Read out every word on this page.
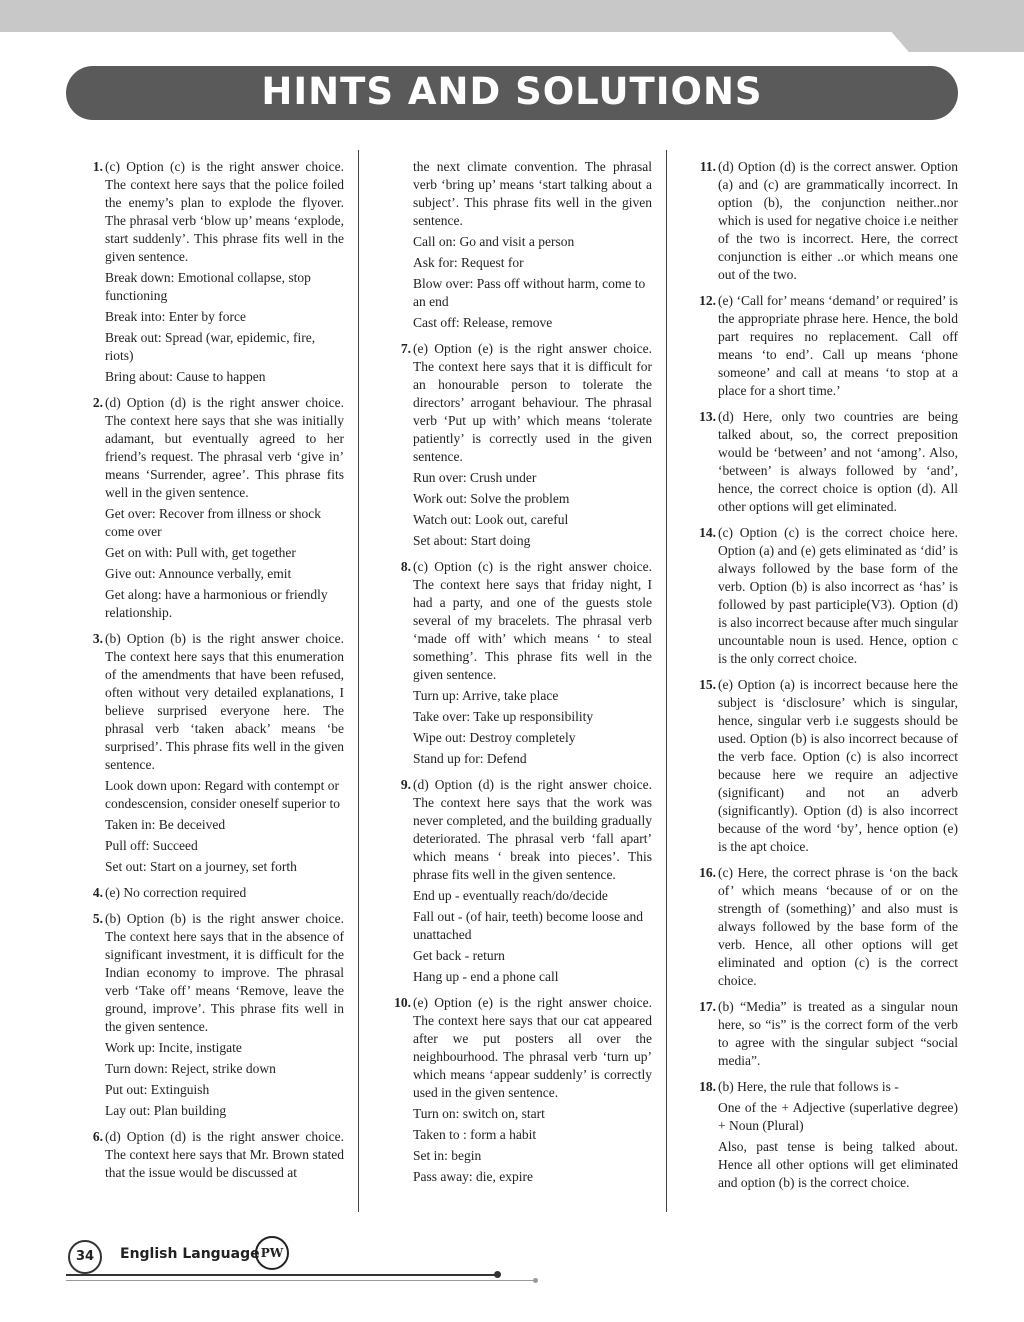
HINTS AND SOLUTIONS
1. (c) Option (c) is the right answer choice. The context here says that the police foiled the enemy’s plan to explode the flyover. The phrasal verb ‘blow up’ means ‘explode, start suddenly’. This phrase fits well in the given sentence.

Break down: Emotional collapse, stop functioning

Break into: Enter by force

Break out: Spread (war, epidemic, fire, riots)

Bring about: Cause to happen

2. (d) Option (d) is the right answer choice. The context here says that she was initially adamant, but eventually agreed to her friend’s request. The phrasal verb ‘give in’ means ‘Surrender, agree’. This phrase fits well in the given sentence.

Get over: Recover from illness or shock come over

Get on with: Pull with, get together

Give out: Announce verbally, emit

Get along: have a harmonious or friendly relationship.

3. (b) Option (b) is the right answer choice. The context here says that this enumeration of the amendments that have been refused, often without very detailed explanations, I believe surprised everyone here. The phrasal verb ‘taken aback’ means ‘be surprised’. This phrase fits well in the given sentence.

Look down upon: Regard with contempt or condescension, consider oneself superior to

Taken in: Be deceived

Pull off: Succeed

Set out: Start on a journey, set forth

4. (e) No correction required

5. (b) Option (b) is the right answer choice. The context here says that in the absence of significant investment, it is difficult for the Indian economy to improve. The phrasal verb ‘Take off’ means ‘Remove, leave the ground, improve’. This phrase fits well in the given sentence.

Work up: Incite, instigate

Turn down: Reject, strike down

Put out: Extinguish

Lay out: Plan building

6. (d) Option (d) is the right answer choice. The context here says that Mr. Brown stated that the issue would be discussed at

the next climate convention. The phrasal verb ‘bring up’ means ‘start talking about a subject’. This phrase fits well in the given sentence.

Call on: Go and visit a person

Ask for: Request for

Blow over: Pass off without harm, come to an end

Cast off: Release, remove

7. (e) Option (e) is the right answer choice. The context here says that it is difficult for an honourable person to tolerate the directors’ arrogant behaviour. The phrasal verb ‘Put up with’ which means ‘tolerate patiently’ is correctly used in the given sentence.

Run over: Crush under

Work out: Solve the problem

Watch out: Look out, careful

Set about: Start doing

8. (c) Option (c) is the right answer choice. The context here says that friday night, I had a party, and one of the guests stole several of my bracelets. The phrasal verb ‘made off with’ which means ‘ to steal something’. This phrase fits well in the given sentence.

Turn up: Arrive, take place

Take over: Take up responsibility

Wipe out: Destroy completely

Stand up for: Defend

9. (d) Option (d) is the right answer choice. The context here says that the work was never completed, and the building gradually deteriorated. The phrasal verb ‘fall apart’ which means ‘ break into pieces’. This phrase fits well in the given sentence.

End up - eventually reach/do/decide

Fall out - (of hair, teeth) become loose and unattached

Get back - return

Hang up - end a phone call

10. (e) Option (e) is the right answer choice. The context here says that our cat appeared after we put posters all over the neighbourhood. The phrasal verb ‘turn up’ which means ‘appear suddenly’ is correctly used in the given sentence.

Turn on: switch on, start

Taken to : form a habit

Set in: begin

Pass away: die, expire

11. (d) Option (d) is the correct answer. Option (a) and (c) are grammatically incorrect. In option (b), the conjunction neither..nor which is used for negative choice i.e neither of the two is incorrect. Here, the correct conjunction is either ..or which means one out of the two.

12. (e) ‘Call for’ means ‘demand’ or required’ is the appropriate phrase here. Hence, the bold part requires no replacement. Call off means ‘to end’. Call up means ‘phone someone’ and call at means ‘to stop at a place for a short time.’

13. (d) Here, only two countries are being talked about, so, the correct preposition would be ‘between’ and not ‘among’. Also, ‘between’ is always followed by ‘and’, hence, the correct choice is option (d). All other options will get eliminated.

14. (c) Option (c) is the correct choice here. Option (a) and (e) gets eliminated as ‘did’ is always followed by the base form of the verb. Option (b) is also incorrect as ‘has’ is followed by past participle(V3). Option (d) is also incorrect because after much singular uncountable noun is used. Hence, option c is the only correct choice.

15. (e) Option (a) is incorrect because here the subject is ‘disclosure’ which is singular, hence, singular verb i.e suggests should be used. Option (b) is also incorrect because of the verb face. Option (c) is also incorrect because here we require an adjective (significant) and not an adverb (significantly). Option (d) is also incorrect because of the word ‘by’, hence option (e) is the apt choice.

16. (c) Here, the correct phrase is ‘on the back of’ which means ‘because of or on the strength of (something)’ and also must is always followed by the base form of the verb. Hence, all other options will get eliminated and option (c) is the correct choice.

17. (b) “Media” is treated as a singular noun here, so “is” is the correct form of the verb to agree with the singular subject “social media”.

18. (b) Here, the rule that follows is -

One of the + Adjective (superlative degree) + Noun (Plural)

Also, past tense is being talked about. Hence all other options will get eliminated and option (b) is the correct choice.

34	English Language PW
